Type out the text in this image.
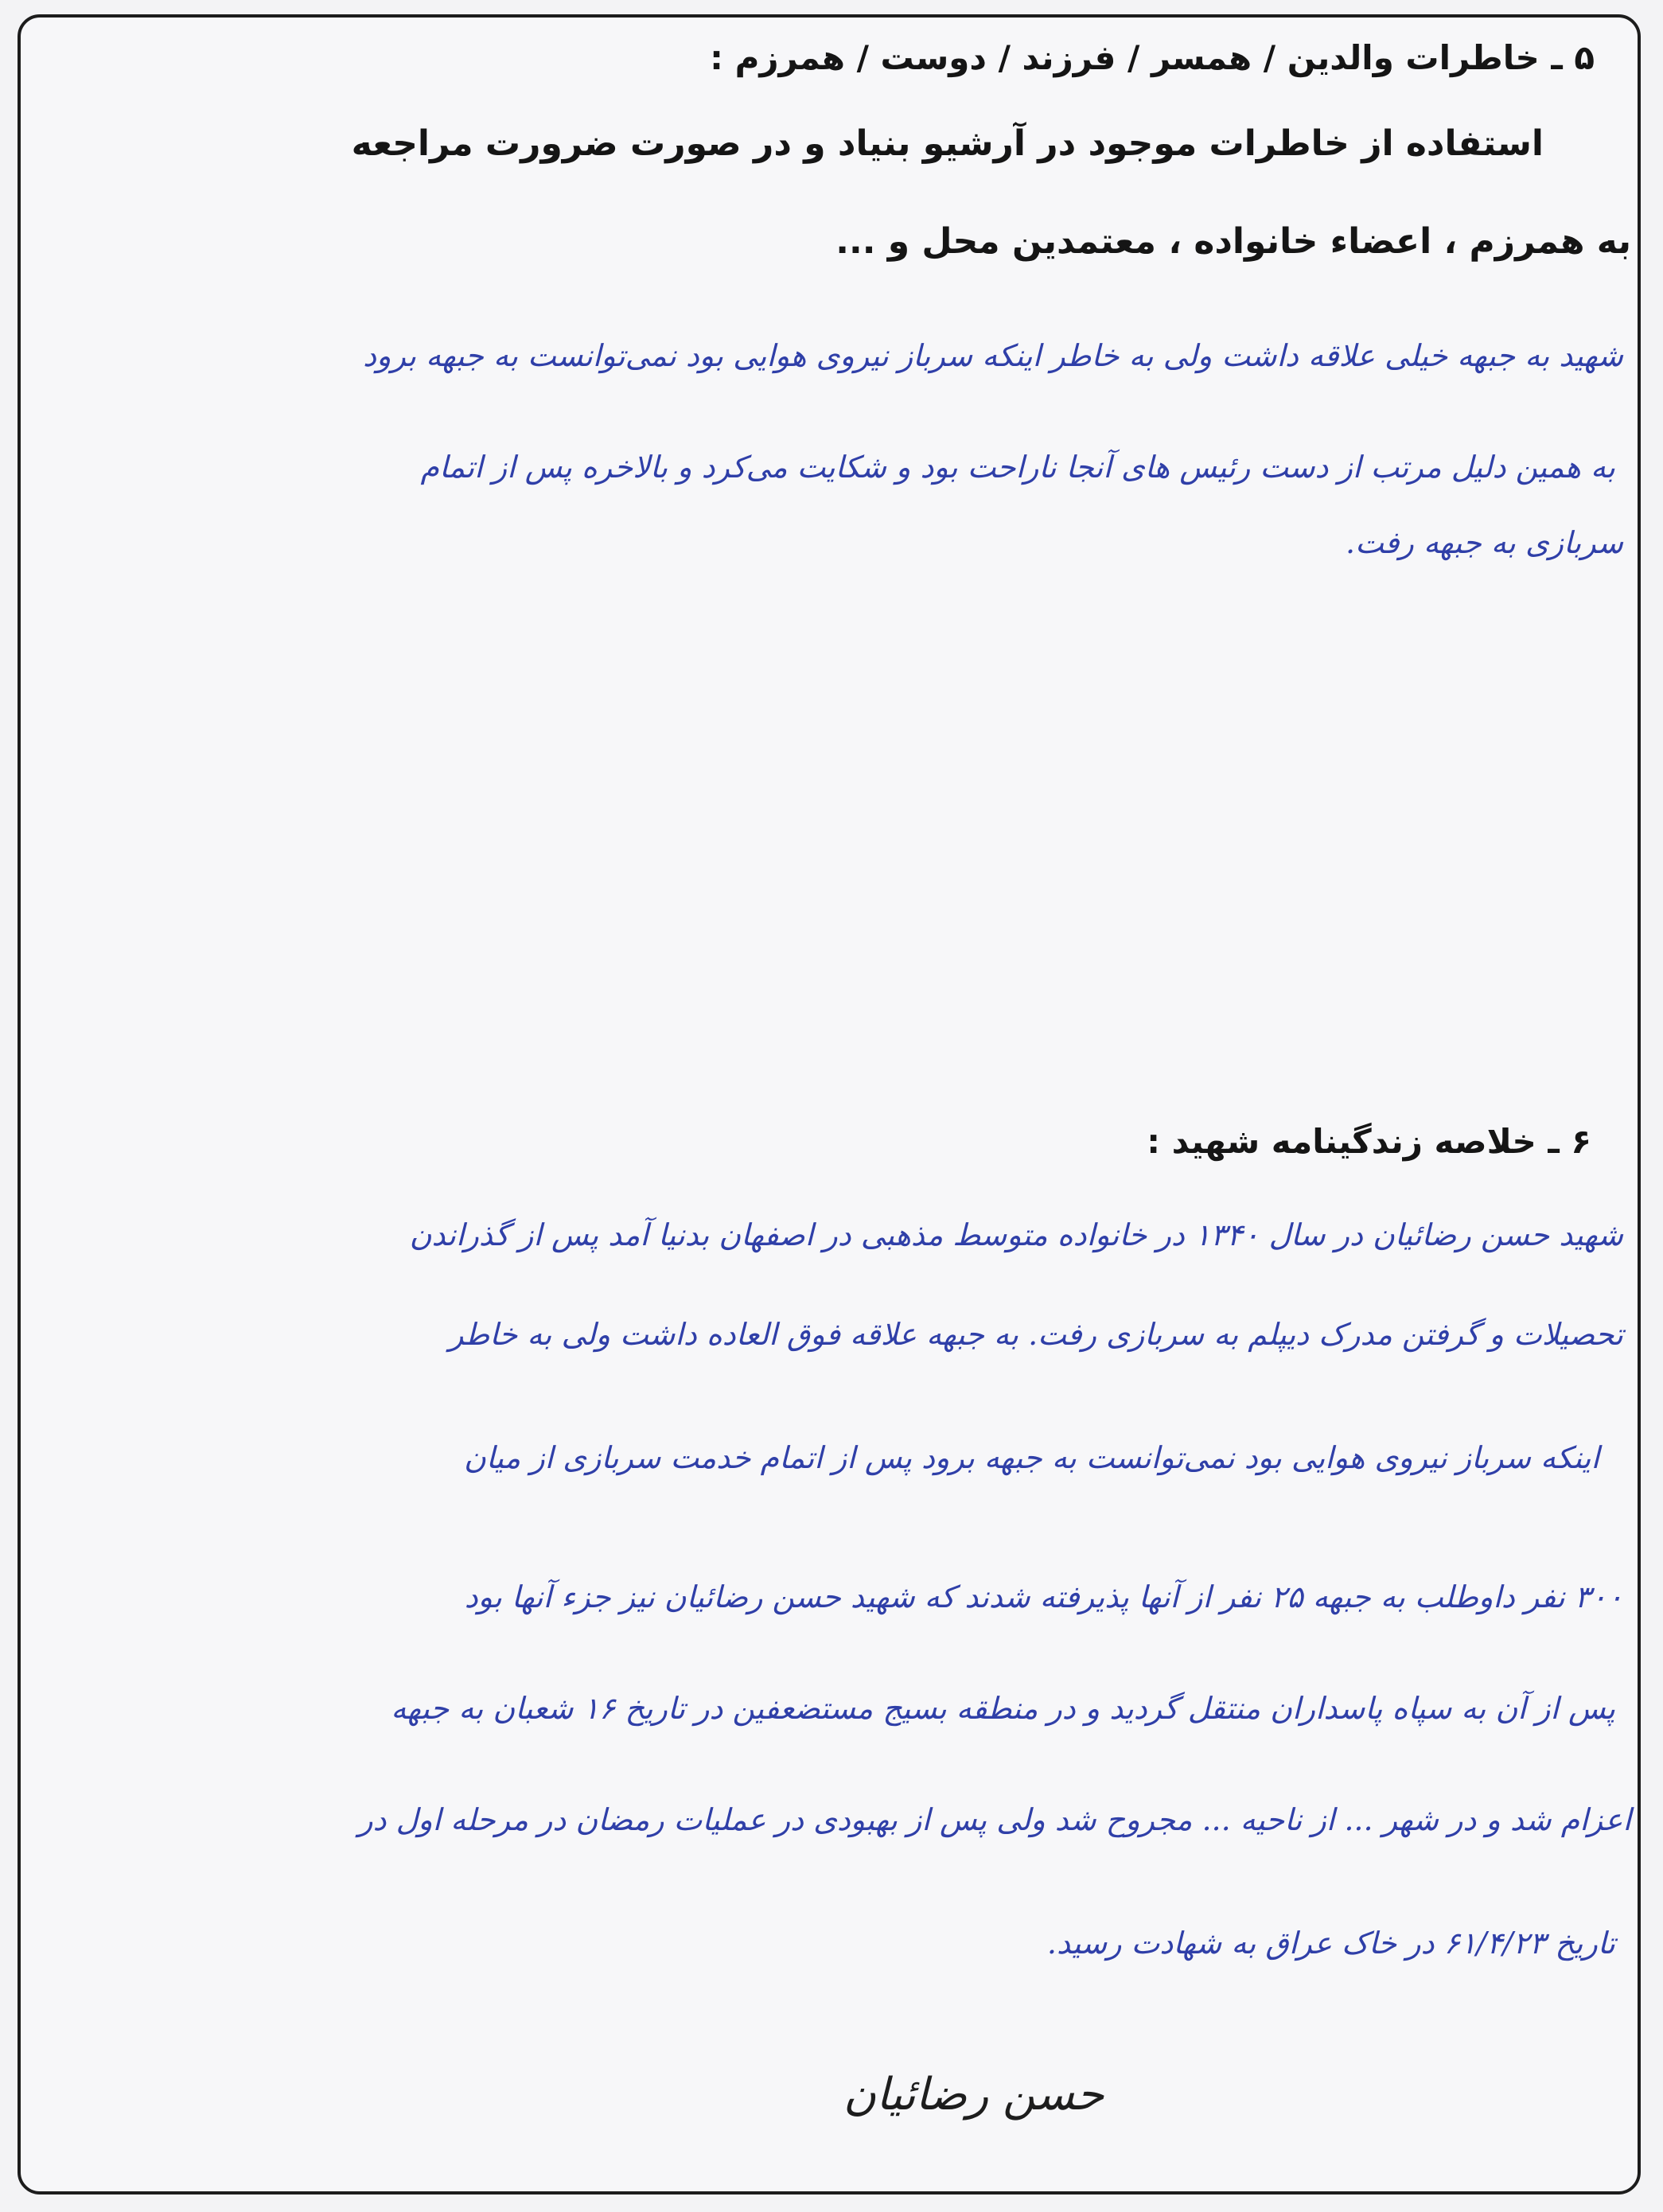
۵ ـ خاطرات والدین / همسر / فرزند / دوست / همرزم :
استفاده از خاطرات موجود در آرشیو بنیاد و در صورت ضرورت مراجعه
به همرزم ، اعضاء خانواده ، معتمدین محل و ...
شهید به جبهه خیلی علاقه داشت ولی به خاطر اینکه سرباز نیروی هوایی بود نمی‌توانست به جبهه برود
به همین دلیل مرتب از دست رئیس های آنجا ناراحت بود و شکایت می‌کرد و بالاخره پس از اتمام
سربازی به جبهه رفت.
۶ ـ خلاصه زندگینامه شهید :
شهید حسن رضائیان در سال ۱۳۴۰ در خانواده متوسط مذهبی در اصفهان بدنیا آمد پس از گذراندن
تحصیلات و گرفتن مدرک دیپلم به سربازی رفت. به جبهه علاقه فوق العاده داشت ولی به خاطر
اینکه سرباز نیروی هوایی بود نمی‌توانست به جبهه برود پس از اتمام خدمت سربازی از میان
۳۰۰ نفر داوطلب به جبهه ۲۵ نفر از آنها پذیرفته شدند که شهید حسن رضائیان نیز جزء آنها بود
پس از آن به سپاه پاسداران منتقل گردید و در منطقه بسیج مستضعفین در تاریخ ۱۶ شعبان به جبهه
اعزام شد و در شهر ... از ناحیه ... مجروح شد ولی پس از بهبودی در عملیات رمضان در مرحله اول در
تاریخ ۶۱/۴/۲۳ در خاک عراق به شهادت رسید.
حسن رضائیان
